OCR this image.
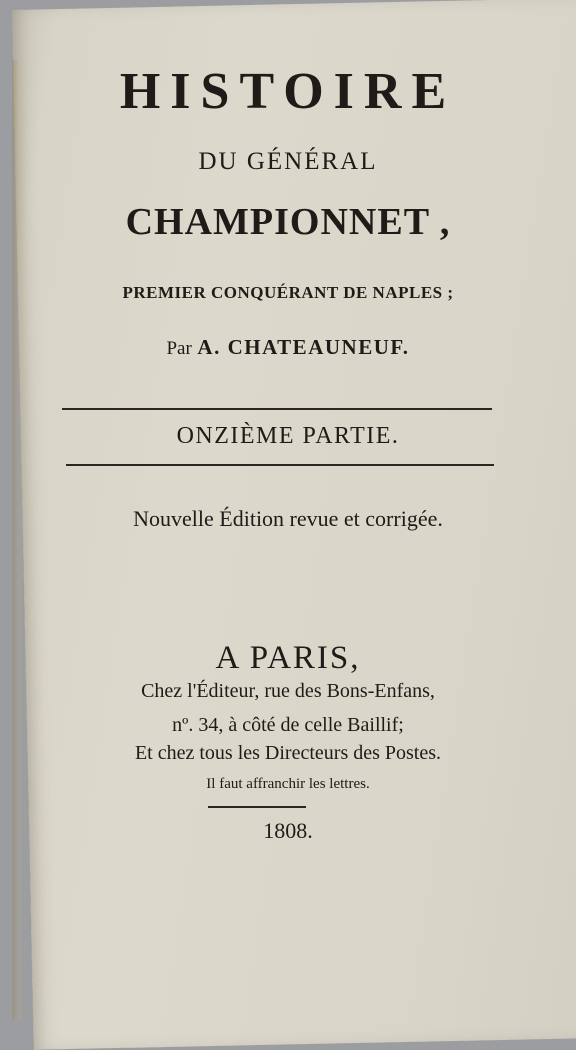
HISTOIRE
DU GÉNÉRAL
CHAMPIONNET ,
PREMIER CONQUÉRANT DE NAPLES ;
Par A. CHATEAUNEUF.
ONZIÈME PARTIE.
Nouvelle Édition revue et corrigée.
A PARIS,
Chez l'Éditeur, rue des Bons-Enfans,
nº. 34, à côté de celle Baillif;
Et chez tous les Directeurs des Postes.
Il faut affranchir les lettres.
1808.
